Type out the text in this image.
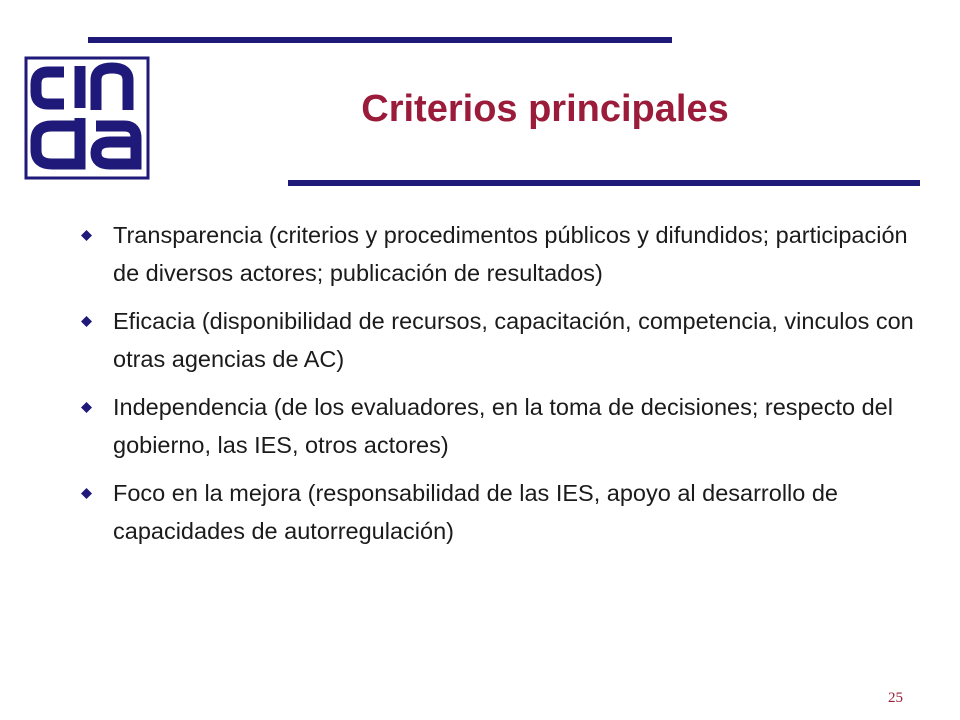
Criterios principales
Transparencia (criterios y procedimentos públicos y difundidos; participación de diversos actores; publicación de resultados)
Eficacia (disponibilidad de recursos, capacitación, competencia, vinculos con otras agencias de AC)
Independencia (de los evaluadores, en la toma de decisiones; respecto del gobierno, las IES, otros actores)
Foco en la mejora (responsabilidad de las IES, apoyo al desarrollo de capacidades de autorregulación)
25
